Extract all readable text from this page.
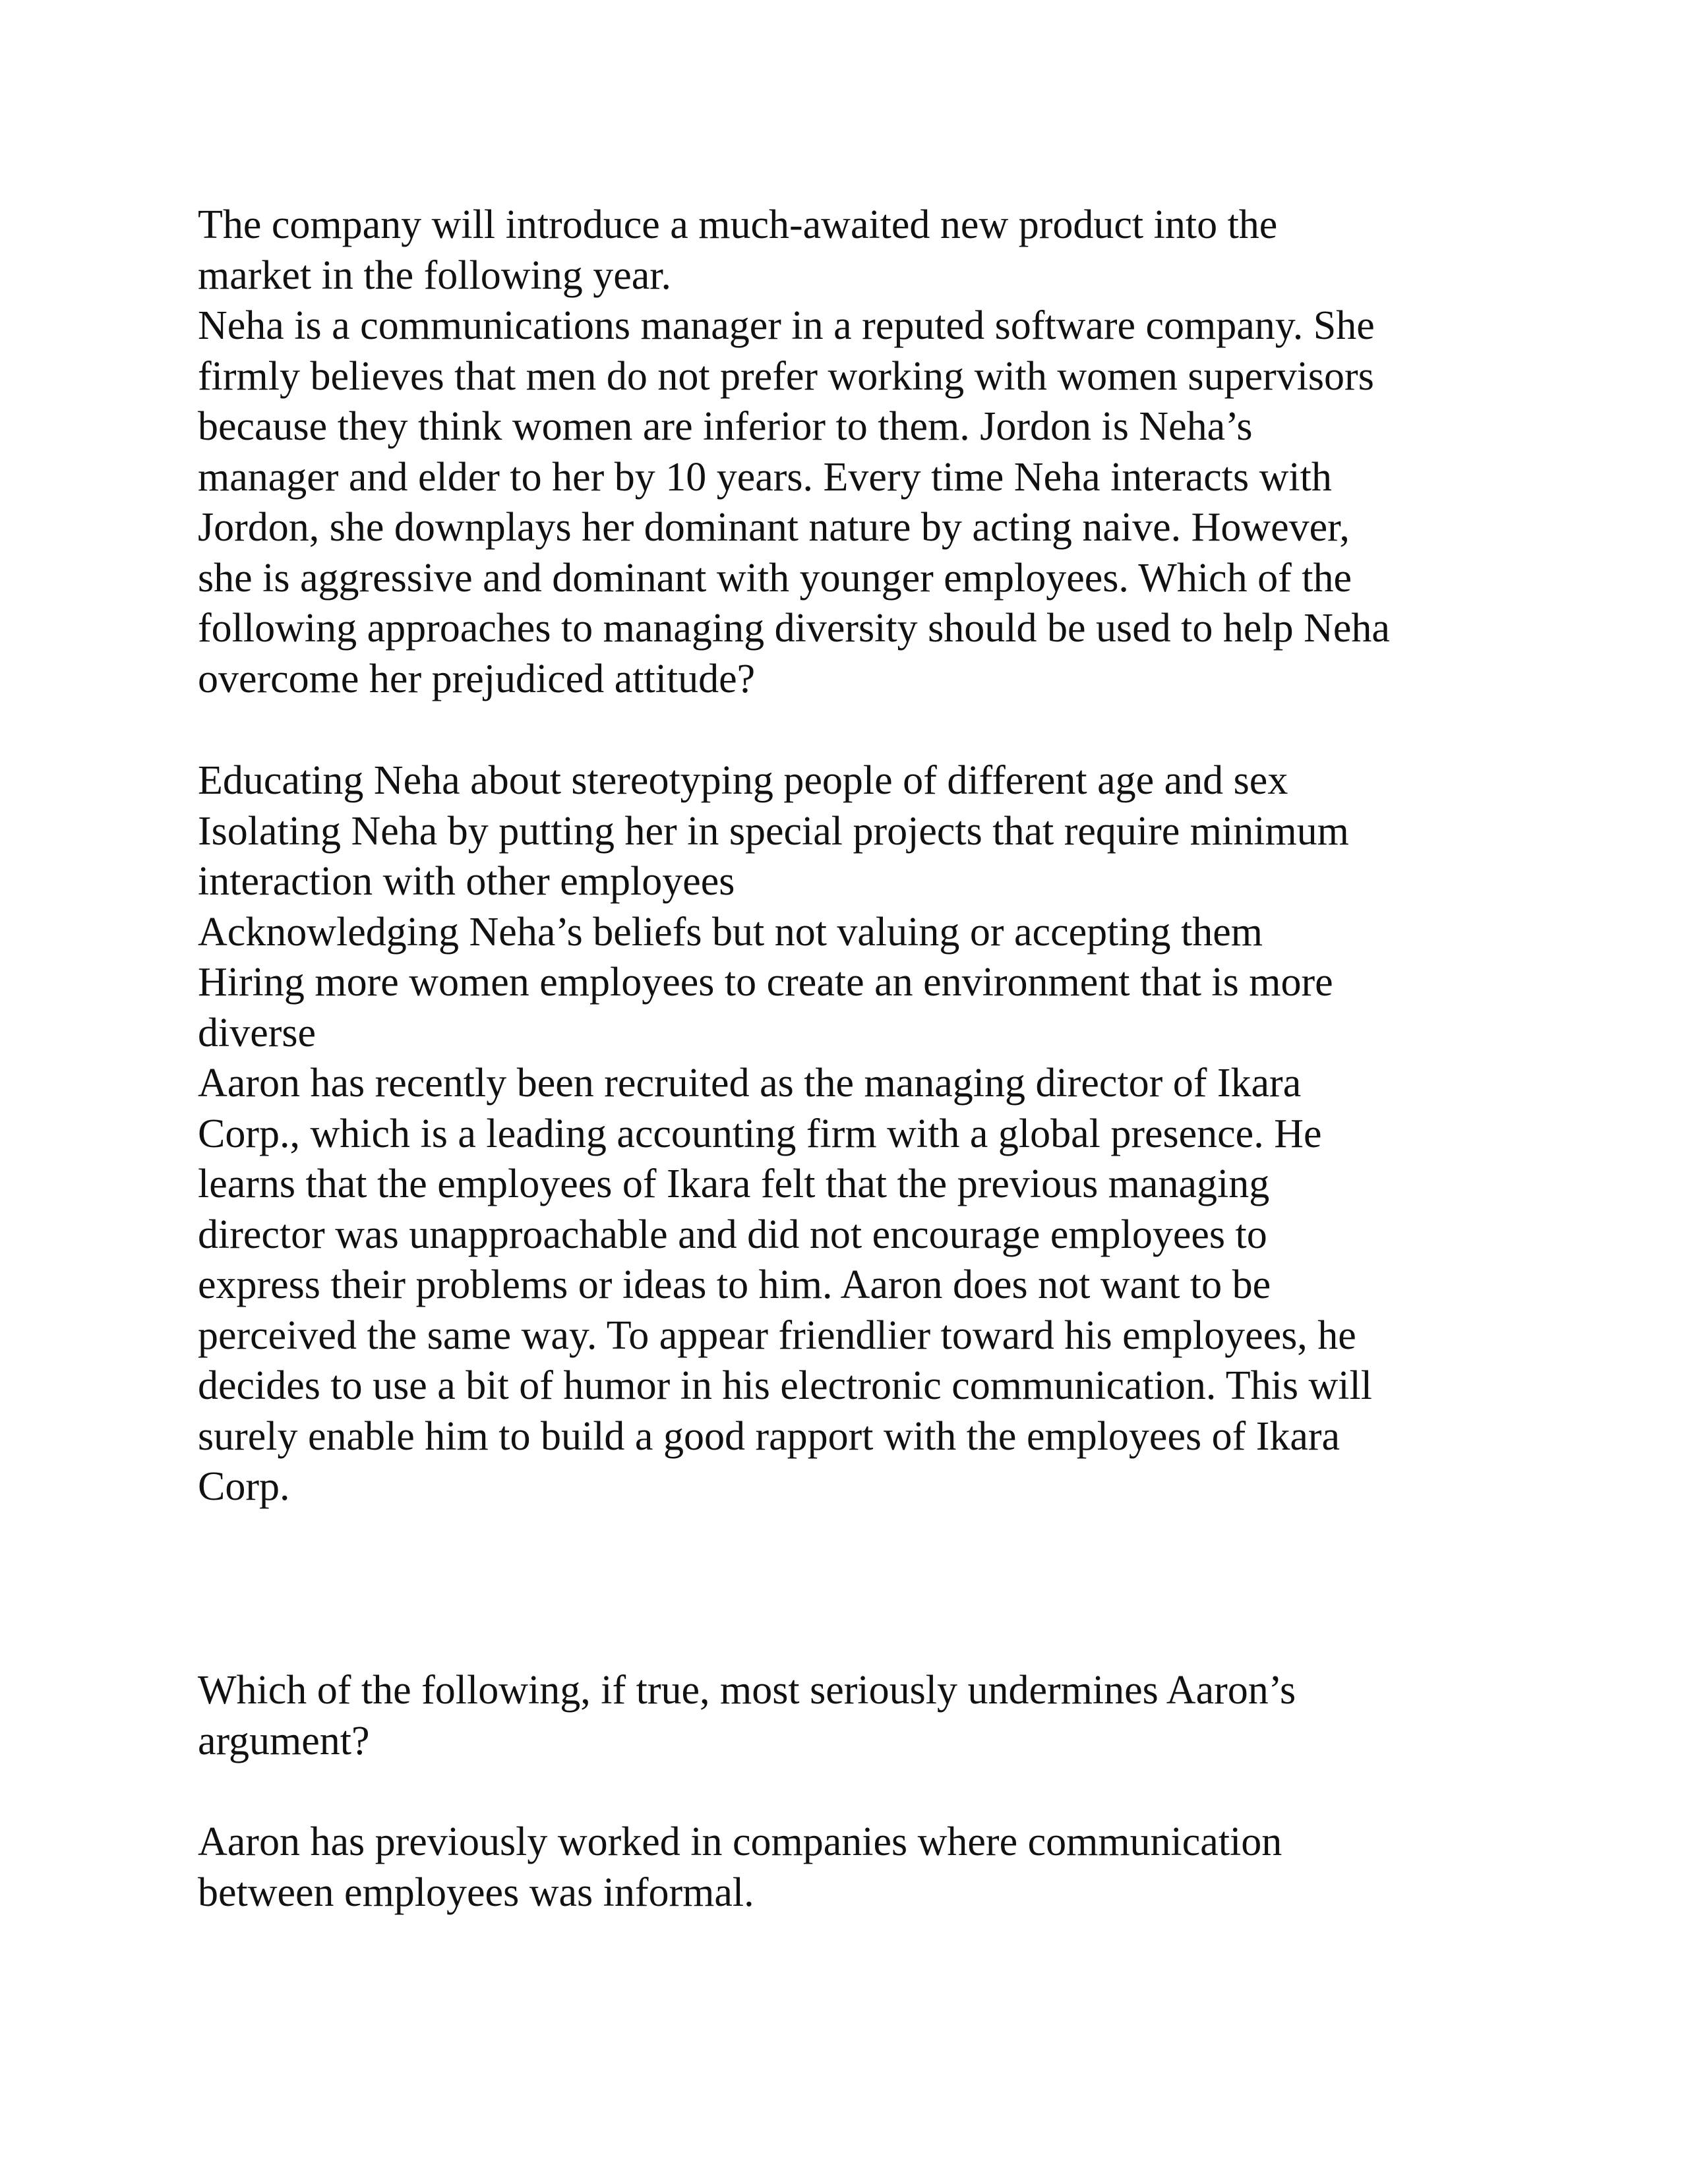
The company will introduce a much-awaited new product into the

market in the following year.

Neha is a communications manager in a reputed software company. She

firmly believes that men do not prefer working with women supervisors

because they think women are inferior to them. Jordon is Neha’s

manager and elder to her by 10 years. Every time Neha interacts with

Jordon, she downplays her dominant nature by acting naive. However,

she is aggressive and dominant with younger employees. Which of the

following approaches to managing diversity should be used to help Neha

overcome her prejudiced attitude?

Educating Neha about stereotyping people of different age and sex

Isolating Neha by putting her in special projects that require minimum

interaction with other employees

Acknowledging Neha’s beliefs but not valuing or accepting them

Hiring more women employees to create an environment that is more

diverse

Aaron has recently been recruited as the managing director of Ikara

Corp., which is a leading accounting firm with a global presence. He

learns that the employees of Ikara felt that the previous managing

director was unapproachable and did not encourage employees to

express their problems or ideas to him. Aaron does not want to be

perceived the same way. To appear friendlier toward his employees, he

decides to use a bit of humor in his electronic communication. This will

surely enable him to build a good rapport with the employees of Ikara

Corp.

Which of the following, if true, most seriously undermines Aaron’s

argument?

Aaron has previously worked in companies where communication

between employees was informal.
